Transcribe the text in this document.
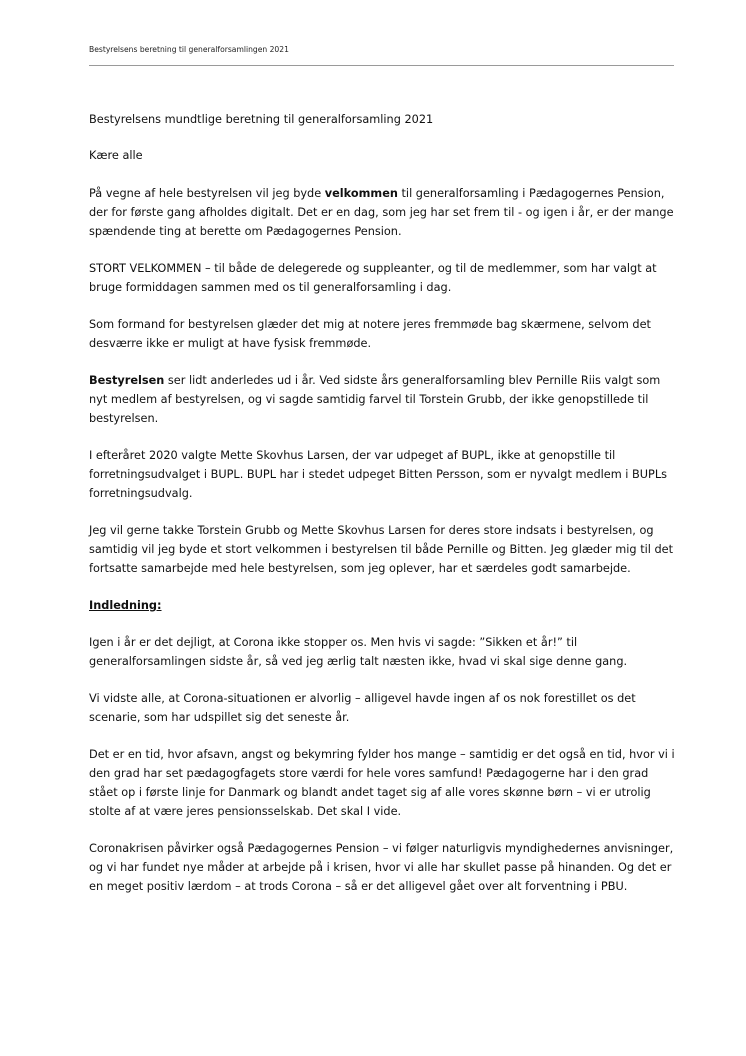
Bestyrelsens beretning til generalforsamlingen 2021

Bestyrelsens mundtlige beretning til generalforsamling 2021

Kære alle

På vegne af hele bestyrelsen vil jeg byde velkommen til generalforsamling i Pædagogernes Pension, der for første gang afholdes digitalt. Det er en dag, som jeg har set frem til - og igen i år, er der mange spændende ting at berette om Pædagogernes Pension.

STORT VELKOMMEN – til både de delegerede og suppleanter, og til de medlemmer, som har valgt at bruge formiddagen sammen med os til generalforsamling i dag.

Som formand for bestyrelsen glæder det mig at notere jeres fremmøde bag skærmene, selvom det desværre ikke er muligt at have fysisk fremmøde.

Bestyrelsen ser lidt anderledes ud i år. Ved sidste års generalforsamling blev Pernille Riis valgt som nyt medlem af bestyrelsen, og vi sagde samtidig farvel til Torstein Grubb, der ikke genopstillede til bestyrelsen.

I efteråret 2020 valgte Mette Skovhus Larsen, der var udpeget af BUPL, ikke at genopstille til forretningsudvalget i BUPL. BUPL har i stedet udpeget Bitten Persson, som er nyvalgt medlem i BUPLs forretningsudvalg.

Jeg vil gerne takke Torstein Grubb og Mette Skovhus Larsen for deres store indsats i bestyrelsen, og samtidig vil jeg byde et stort velkommen i bestyrelsen til både Pernille og Bitten. Jeg glæder mig til det fortsatte samarbejde med hele bestyrelsen, som jeg oplever, har et særdeles godt samarbejde.

Indledning:

Igen i år er det dejligt, at Corona ikke stopper os. Men hvis vi sagde: ”Sikken et år!” til generalforsamlingen sidste år, så ved jeg ærlig talt næsten ikke, hvad vi skal sige denne gang.

Vi vidste alle, at Corona-situationen er alvorlig – alligevel havde ingen af os nok forestillet os det scenarie, som har udspillet sig det seneste år.

Det er en tid, hvor afsavn, angst og bekymring fylder hos mange – samtidig er det også en tid, hvor vi i den grad har set pædagogfagets store værdi for hele vores samfund! Pædagogerne har i den grad stået op i første linje for Danmark og blandt andet taget sig af alle vores skønne børn – vi er utrolig stolte af at være jeres pensionsselskab. Det skal I vide.

Coronakrisen påvirker også Pædagogernes Pension – vi følger naturligvis myndighedernes anvisninger, og vi har fundet nye måder at arbejde på i krisen, hvor vi alle har skullet passe på hinanden. Og det er en meget positiv lærdom – at trods Corona – så er det alligevel gået over alt forventning i PBU.
